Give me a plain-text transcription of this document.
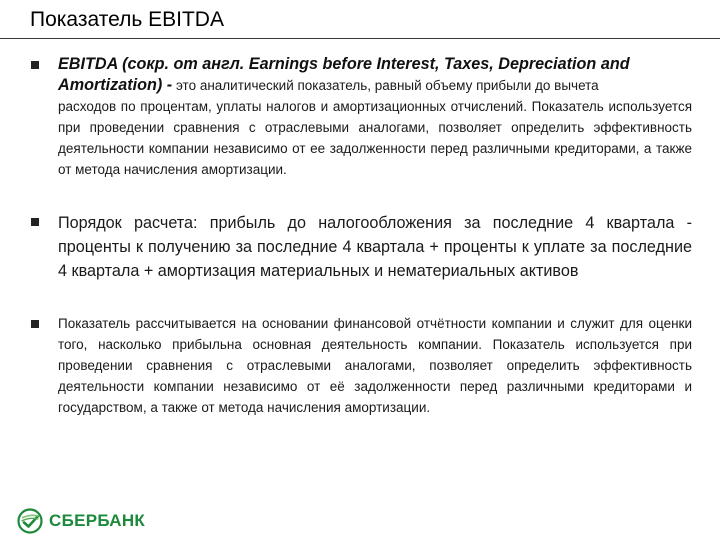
Показатель EBITDA
EBITDA (сокр. от англ. Earnings before Interest, Taxes, Depreciation and
Amortization) - это аналитический показатель, равный объему прибыли до вычета
расходов по процентам, уплаты налогов и амортизационных отчислений. Показатель используется при проведении сравнения с отраслевыми аналогами, позволяет определить эффективность деятельности компании независимо от ее задолженности перед различными кредиторами, а также от метода начисления амортизации.
Порядок расчета: прибыль до налогообложения за последние 4 квартала - проценты к получению за последние 4 квартала + проценты к уплате за последние 4 квартала + амортизация материальных и нематериальных активов
Показатель рассчитывается на основании финансовой отчётности компании и служит для оценки того, насколько прибыльна основная деятельность компании. Показатель используется при проведении сравнения с отраслевыми аналогами, позволяет определить эффективность деятельности компании независимо от её задолженности перед различными кредиторами и государством, а также от метода начисления амортизации.
СБЕРБАНК
